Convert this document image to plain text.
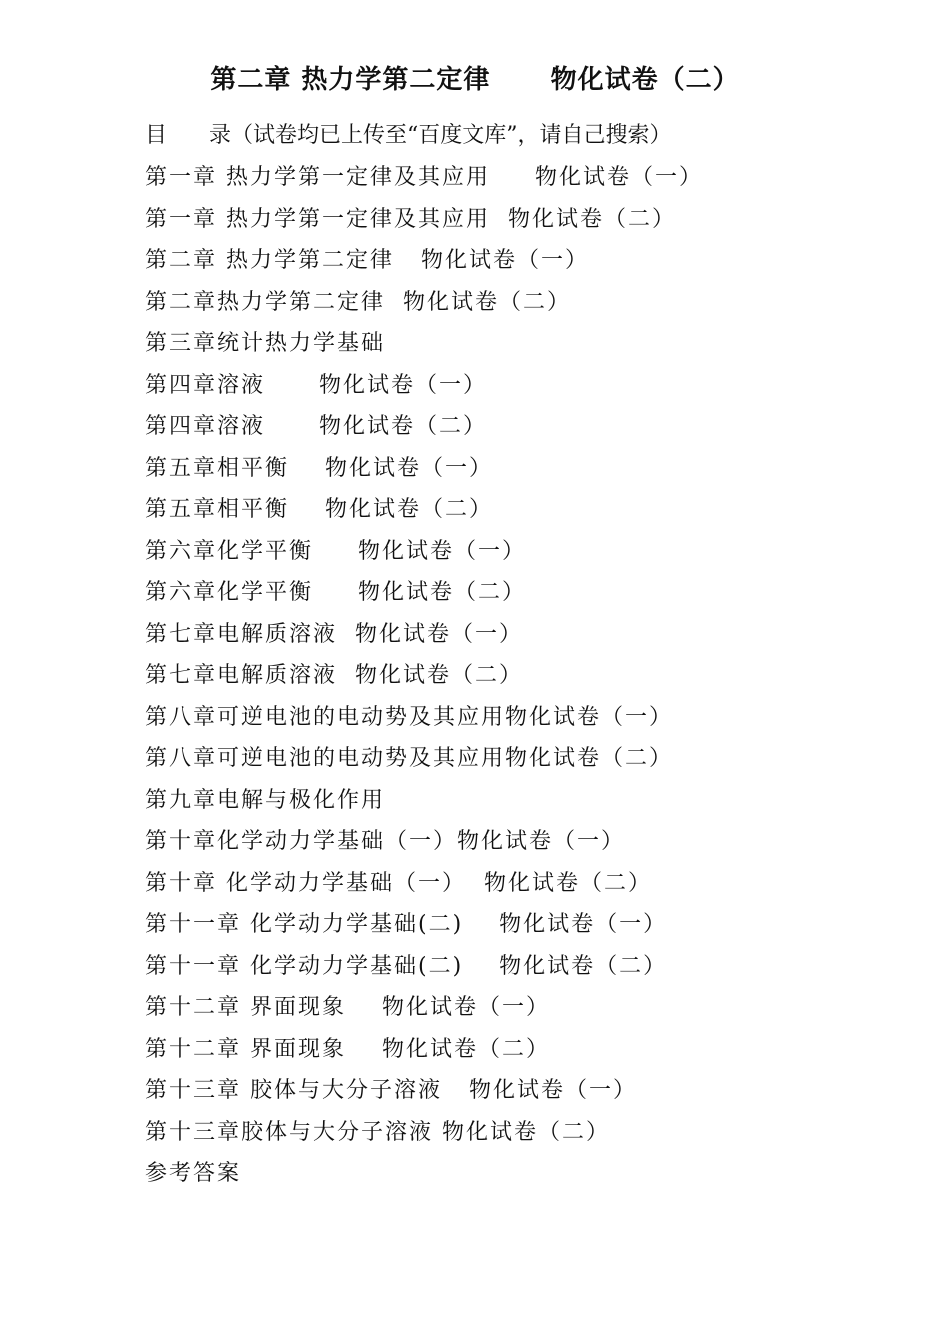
第二章 热力学第二定律      物化试卷（二）
目      录（试卷均已上传至“百度文库”，请自己搜索）
第一章 热力学第一定律及其应用     物化试卷（一）
第一章 热力学第一定律及其应用  物化试卷（二）
第二章 热力学第二定律   物化试卷（一）
第二章热力学第二定律  物化试卷（二）
第三章统计热力学基础
第四章溶液      物化试卷（一）
第四章溶液      物化试卷（二）
第五章相平衡    物化试卷（一）
第五章相平衡    物化试卷（二）
第六章化学平衡     物化试卷（一）
第六章化学平衡     物化试卷（二）
第七章电解质溶液  物化试卷（一）
第七章电解质溶液  物化试卷（二）
第八章可逆电池的电动势及其应用物化试卷（一）
第八章可逆电池的电动势及其应用物化试卷（二）
第九章电解与极化作用
第十章化学动力学基础（一）物化试卷（一）
第十章 化学动力学基础（一）  物化试卷（二）
第十一章 化学动力学基础(二)    物化试卷（一）
第十一章 化学动力学基础(二)    物化试卷（二）
第十二章 界面现象    物化试卷（一）
第十二章 界面现象    物化试卷（二）
第十三章 胶体与大分子溶液   物化试卷（一）
第十三章胶体与大分子溶液 物化试卷（二）
参考答案
